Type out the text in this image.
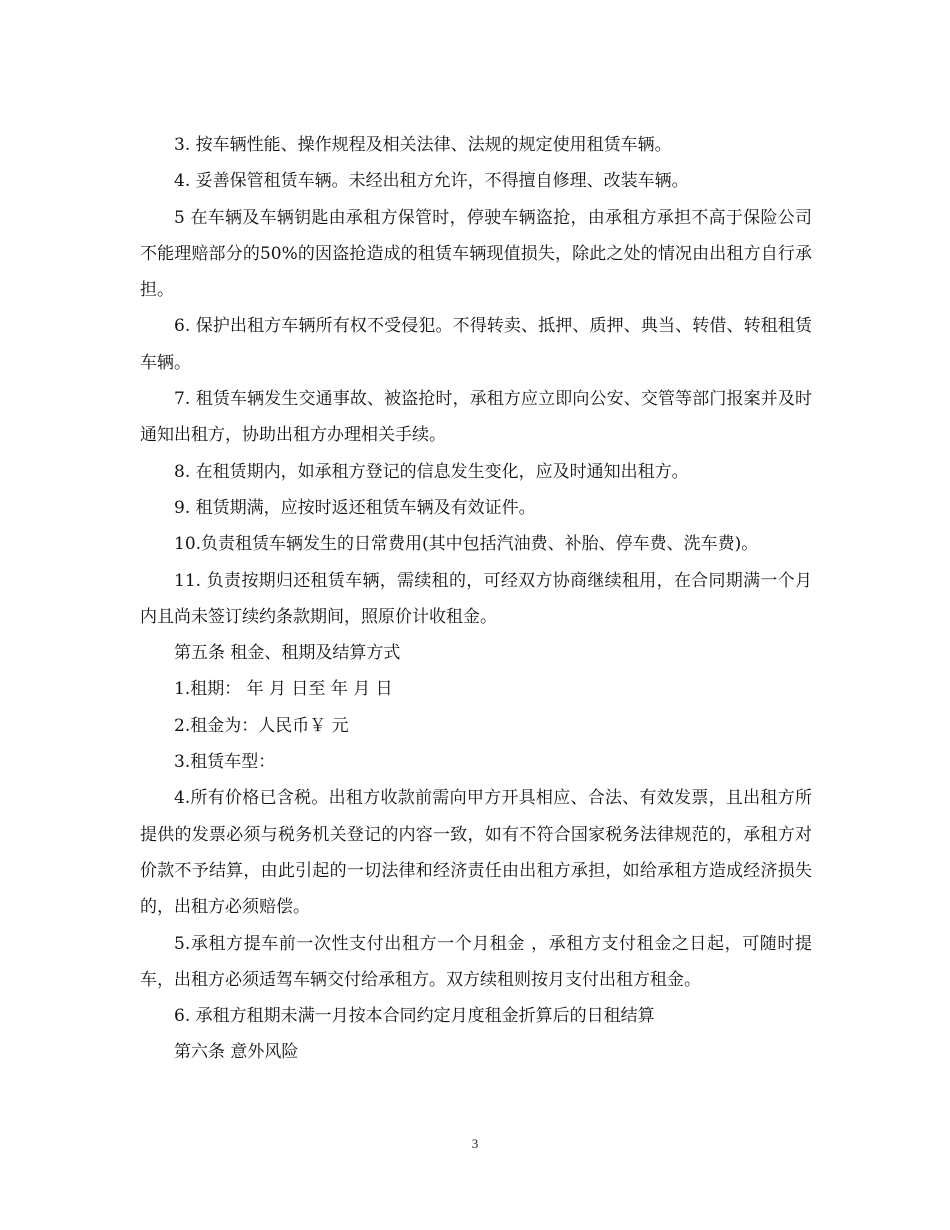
3. 按车辆性能、操作规程及相关法律、法规的规定使用租赁车辆。

4. 妥善保管租赁车辆。未经出租方允许，不得擅自修理、改装车辆。

5 在车辆及车辆钥匙由承租方保管时，停驶车辆盗抢，由承租方承担不高于保险公司不能理赔部分的50%的因盗抢造成的租赁车辆现值损失，除此之处的情况由出租方自行承担。

6. 保护出租方车辆所有权不受侵犯。不得转卖、抵押、质押、典当、转借、转租租赁车辆。

7. 租赁车辆发生交通事故、被盗抢时，承租方应立即向公安、交管等部门报案并及时通知出租方，协助出租方办理相关手续。

8. 在租赁期内，如承租方登记的信息发生变化，应及时通知出租方。

9. 租赁期满，应按时返还租赁车辆及有效证件。

10.负责租赁车辆发生的日常费用(其中包括汽油费、补胎、停车费、洗车费)。

11. 负责按期归还租赁车辆，需续租的，可经双方协商继续租用，在合同期满一个月内且尚未签订续约条款期间，照原价计收租金。

第五条 租金、租期及结算方式

1.租期： 年 月 日至 年 月 日

2.租金为：人民币￥ 元

3.租赁车型：

4.所有价格已含税。出租方收款前需向甲方开具相应、合法、有效发票，且出租方所提供的发票必须与税务机关登记的内容一致，如有不符合国家税务法律规范的，承租方对价款不予结算，由此引起的一切法律和经济责任由出租方承担，如给承租方造成经济损失的，出租方必须赔偿。

5.承租方提车前一次性支付出租方一个月租金 ，承租方支付租金之日起，可随时提车，出租方必须适驾车辆交付给承租方。双方续租则按月支付出租方租金。

6. 承租方租期未满一月按本合同约定月度租金折算后的日租结算

第六条 意外风险

3
